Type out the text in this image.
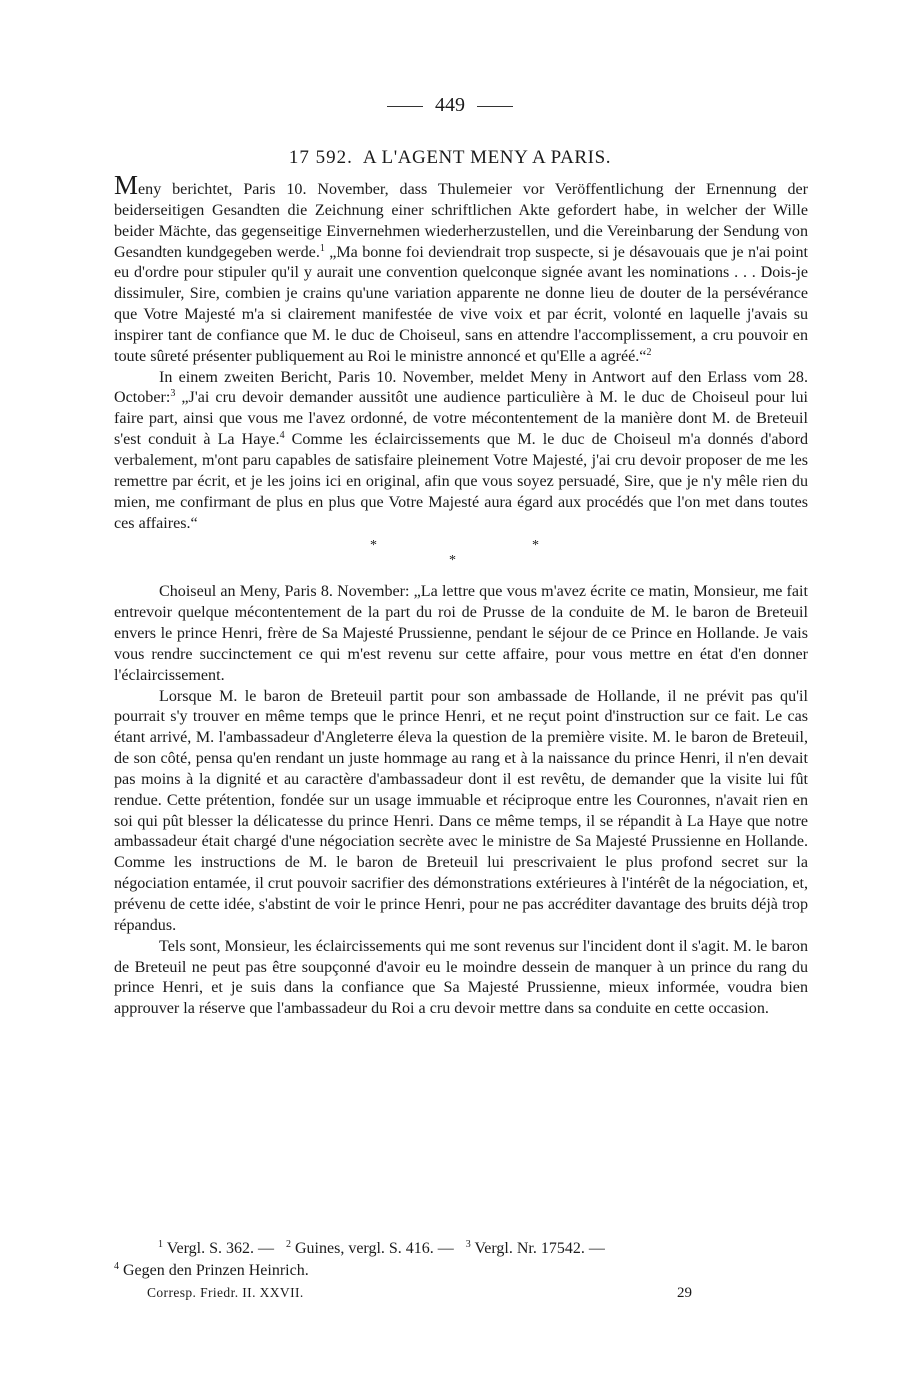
449
17 592. A L'AGENT MENY A PARIS.

Meny berichtet, Paris 10. November, dass Thulemeier vor Veröffentlichung der Ernennung der beiderseitigen Gesandten die Zeichnung einer schriftlichen Akte gefordert habe, in welcher der Wille beider Mächte, das gegenseitige Einvernehmen wiederherzustellen, und die Vereinbarung der Sendung von Gesandten kundgegeben werde.$^1$ „Ma bonne foi deviendrait trop suspecte, si je désavouais que je n'ai point eu d'ordre pour stipuler qu'il y aurait une convention quelconque signée avant les nominations . . . Dois-je dissimuler, Sire, combien je crains qu'une variation apparente ne donne lieu de douter de la persévérance que Votre Majesté m'a si clairement manifestée de vive voix et par écrit, volonté en laquelle j'avais su inspirer tant de confiance que M. le duc de Choiseul, sans en attendre l'accomplissement, a cru pouvoir en toute sûreté présenter publiquement au Roi le ministre annoncé et qu'Elle a agréé.“$^2$

In einem zweiten Bericht, Paris 10. November, meldet Meny in Antwort auf den Erlass vom 28. October:$^3$ „J'ai cru devoir demander aussitôt une audience particulière à M. le duc de Choiseul pour lui faire part, ainsi que vous me l'avez ordonné, de votre mécontentement de la manière dont M. de Breteuil s'est conduit à La Haye.$^4$ Comme les éclaircissements que M. le duc de Choiseul m'a donnés d'abord verbalement, m'ont paru capables de satisfaire pleinement Votre Majesté, j'ai cru devoir proposer de me les remettre par écrit, et je les joins ici en original, afin que vous soyez persuadé, Sire, que je n'y mêle rien du mien, me confirmant de plus en plus que Votre Majesté aura égard aux procédés que l'on met dans toutes ces affaires.“

*	*
*

Choiseul an Meny, Paris 8. November: „La lettre que vous m'avez écrite ce matin, Monsieur, me fait entrevoir quelque mécontentement de la part du roi de Prusse de la conduite de M. le baron de Breteuil envers le prince Henri, frère de Sa Majesté Prussienne, pendant le séjour de ce Prince en Hollande. Je vais vous rendre succinctement ce qui m'est revenu sur cette affaire, pour vous mettre en état d'en donner l'éclaircissement.

Lorsque M. le baron de Breteuil partit pour son ambassade de Hollande, il ne prévit pas qu'il pourrait s'y trouver en même temps que le prince Henri, et ne reçut point d'instruction sur ce fait. Le cas étant arrivé, M. l'ambassadeur d'Angleterre éleva la question de la première visite. M. le baron de Breteuil, de son côté, pensa qu'en rendant un juste hommage au rang et à la naissance du prince Henri, il n'en devait pas moins à la dignité et au caractère d'ambassadeur dont il est revêtu, de demander que la visite lui fût rendue. Cette prétention, fondée sur un usage immuable et réciproque entre les Couronnes, n'avait rien en soi qui pût blesser la délicatesse du prince Henri. Dans ce même temps, il se répandit à La Haye que notre ambassadeur était chargé d'une négociation secrète avec le ministre de Sa Majesté Prussienne en Hollande. Comme les instructions de M. le baron de Breteuil lui prescrivaient le plus profond secret sur la négociation entamée, il crut pouvoir sacrifier des démonstrations extérieures à l'intérêt de la négociation, et, prévenu de cette idée, s'abstint de voir le prince Henri, pour ne pas accréditer davantage des bruits déjà trop répandus.

Tels sont, Monsieur, les éclaircissements qui me sont revenus sur l'incident dont il s'agit. M. le baron de Breteuil ne peut pas être soupçonné d'avoir eu le moindre dessein de manquer à un prince du rang du prince Henri, et je suis dans la confiance que Sa Majesté Prussienne, mieux informée, voudra bien approuver la réserve que l'ambassadeur du Roi a cru devoir mettre dans sa conduite en cette occasion.

$^1$ Vergl. S. 362. — $^2$ Guines, vergl. S. 416. — $^3$ Vergl. Nr. 17542. —

$^4$ Gegen den Prinzen Heinrich.

Corresp. Friedr. II. XXVII.	29
